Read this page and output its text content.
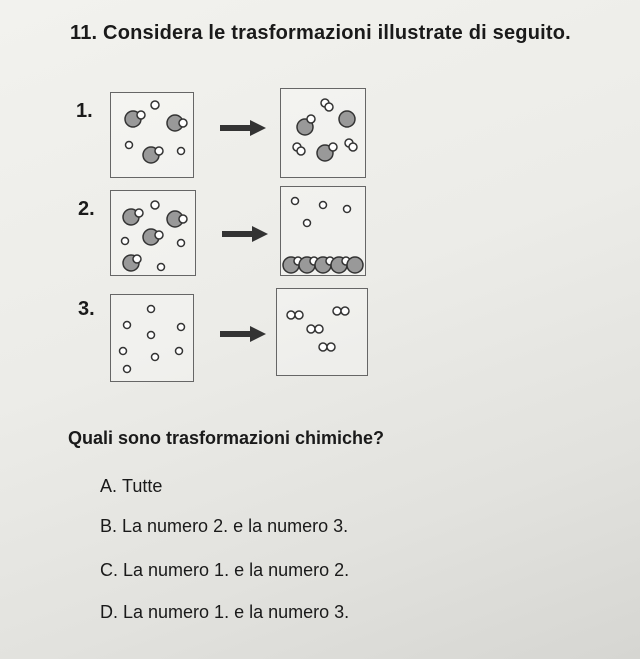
11. Considera le trasformazioni illustrate di seguito.
1.
2.
3.
Quali sono trasformazioni chimiche?
A. Tutte
B. La numero 2. e la numero 3.
C. La numero 1. e la numero 2.
D. La numero 1. e la numero 3.
